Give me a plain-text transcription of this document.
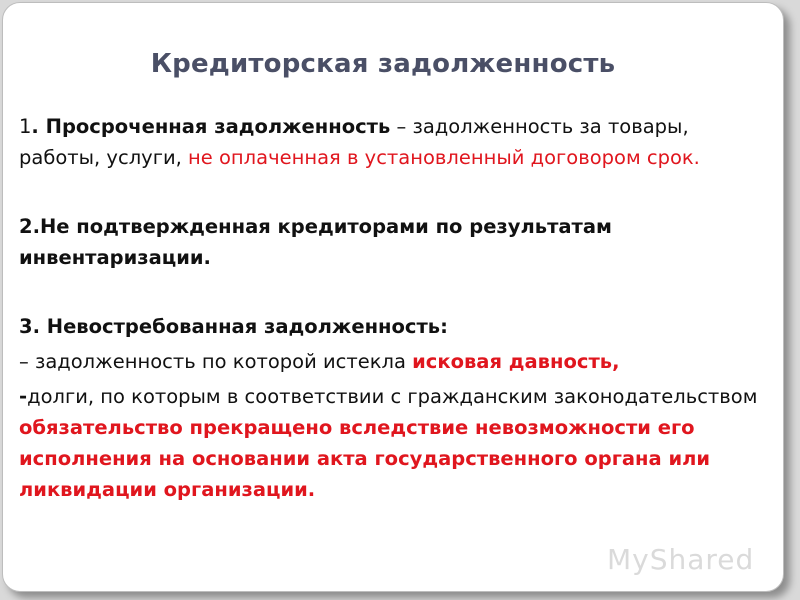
Кредиторская задолженность

1. Просроченная задолженность – задолженность за товары, работы, услуги, не оплаченная в установленный договором срок.

2.Не подтвержденная кредиторами по результатам инвентаризации.

3. Невостребованная задолженность:

– задолженность по которой истекла исковая давность,

-долги, по которым в соответствии с гражданским законодательством обязательство прекращено вследствие невозможности его исполнения на основании акта государственного органа или ликвидации организации.

MyShared
